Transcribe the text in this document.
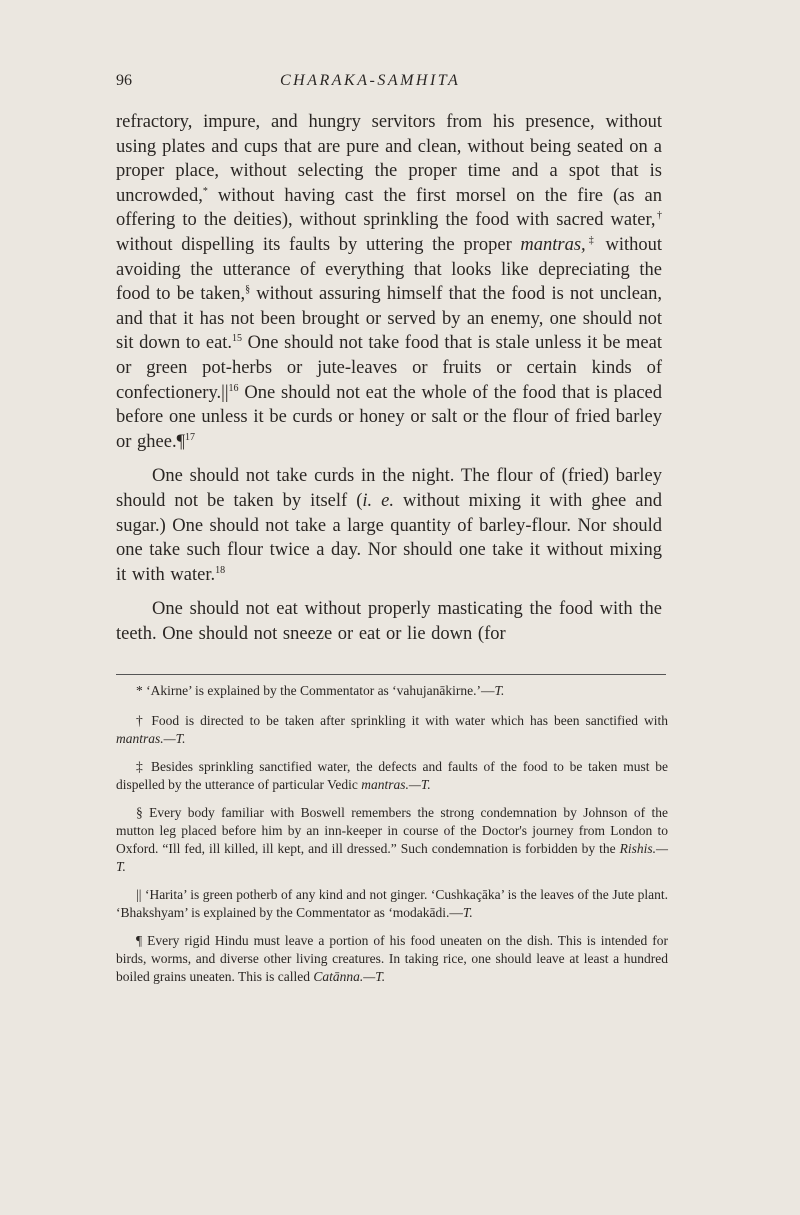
96	CHARAKA-SAMHITA

refractory, impure, and hungry servitors from his presence, without using plates and cups that are pure and clean, without being seated on a proper place, without selecting the proper time and a spot that is uncrowded,* without having cast the first morsel on the fire (as an offering to the deities), without sprinkling the food with sacred water,† without dispelling its faults by uttering the proper mantras,‡ without avoiding the utterance of everything that looks like depreciating the food to be taken,§ without assuring himself that the food is not unclean, and that it has not been brought or served by an enemy, one should not sit down to eat.$^{15}$ One should not take food that is stale unless it be meat or green pot-herbs or jute-leaves or fruits or certain kinds of $confectionery.||^{16}$ One should not eat the whole of the food that is placed before one unless it be curds or honey or salt or the flour of fried barley or ghee.¶$^{17}$

One should not take curds in the night. The flour of (fried) barley should not be taken by itself (i. e. without mixing it with ghee and sugar.) One should not take a large quantity of barley-flour. Nor should one take such flour twice a day. Nor should one take it without mixing it with water.$^{18}$

One should not eat without properly masticating the food with the teeth. One should not sneeze or eat or lie down (for

* ‘Akirne’ is explained by the Commentator as ‘vahujanākirne.’—T.

† Food is directed to be taken after sprinkling it with water which has been sanctified with mantras.—T.

‡ Besides sprinkling sanctified water, the defects and faults of the food to be taken must be dispelled by the utterance of particular Vedic mantras.—T.

§ Every body familiar with Boswell remembers the strong condemnation by Johnson of the mutton leg placed before him by an inn-keeper in course of the Doctor's journey from London to Oxford. “Ill fed, ill killed, ill kept, and ill dressed.” Such condemnation is forbidden by the Rishis.—T.

|| ‘Harita’ is green potherb of any kind and not ginger. ‘Cushkaçāka’ is the leaves of the Jute plant. ‘Bhakshyam’ is explained by the Commentator as ‘modakādi.—T.

¶ Every rigid Hindu must leave a portion of his food uneaten on the dish. This is intended for birds, worms, and diverse other living creatures. In taking rice, one should leave at least a hundred boiled grains uneaten. This is called Catānna.—T.
